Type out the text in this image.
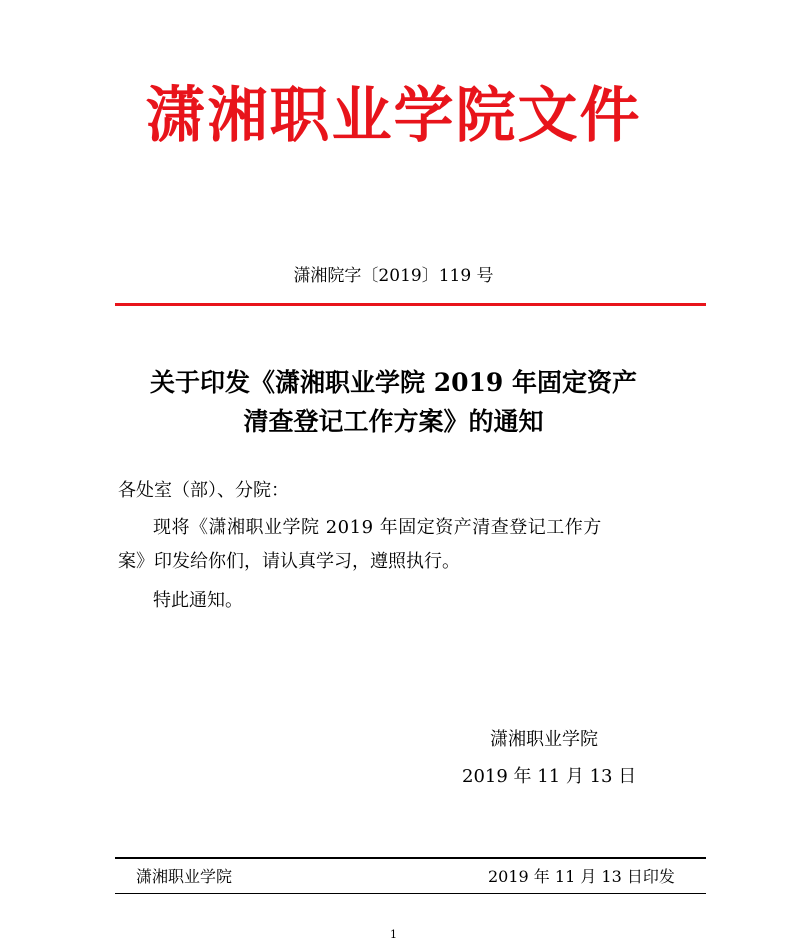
潇湘职业学院文件
潇湘院字〔2019〕119 号
关于印发《潇湘职业学院 2019 年固定资产
清查登记工作方案》的通知
各处室（部）、分院：
现将《潇湘职业学院 2019 年固定资产清查登记工作方
案》印发给你们，请认真学习，遵照执行。
特此通知。
潇湘职业学院
2019 年 11 月 13 日
潇湘职业学院	2019 年 11 月 13 日印发
1
